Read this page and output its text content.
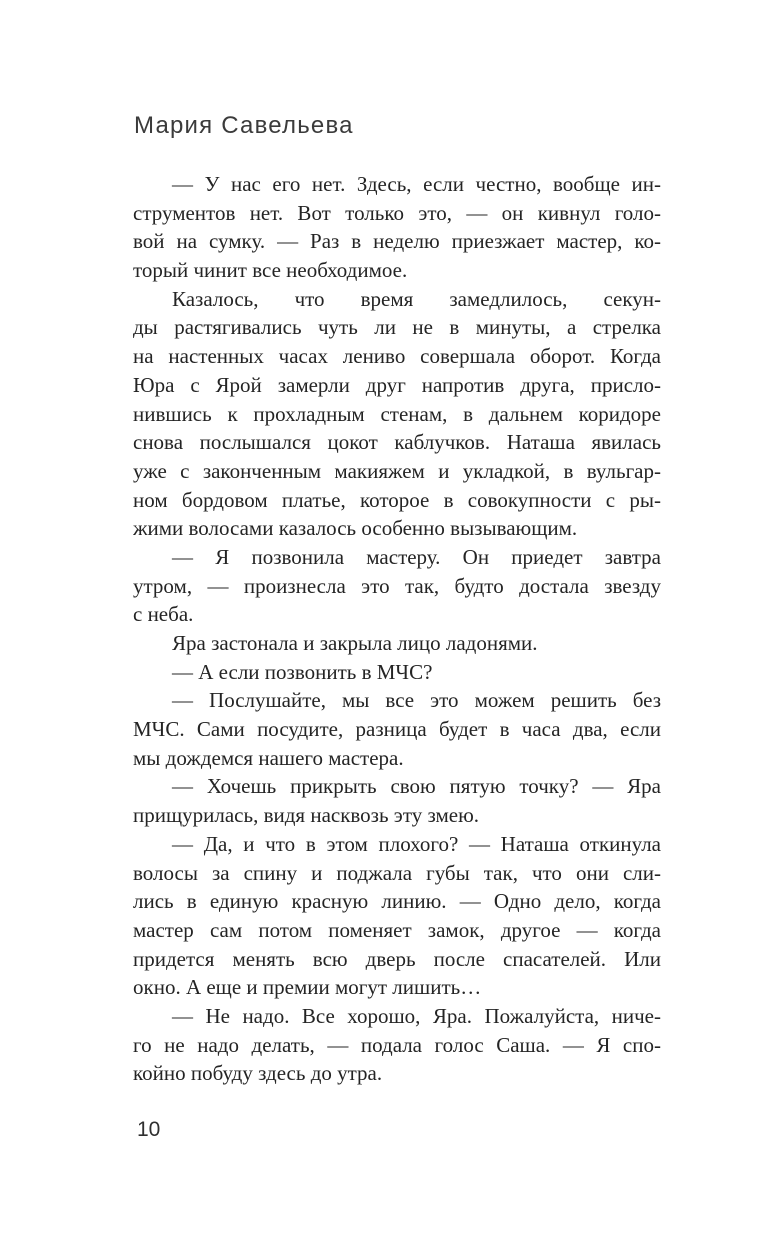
Мария Савельева
— У нас его нет. Здесь, если честно, вообще ин-
струментов нет. Вот только это, — он кивнул голо-
вой на сумку. — Раз в неделю приезжает мастер, ко-
торый чинит все необходимое.
Казалось, что время замедлилось, секун-
ды растягивались чуть ли не в минуты, а стрелка
на настенных часах лениво совершала оборот. Когда
Юра с Ярой замерли друг напротив друга, присло-
нившись к прохладным стенам, в дальнем коридоре
снова послышался цокот каблучков. Наташа явилась
уже с законченным макияжем и укладкой, в вульгар-
ном бордовом платье, которое в совокупности с ры-
жими волосами казалось особенно вызывающим.
— Я позвонила мастеру. Он приедет завтра
утром, — произнесла это так, будто достала звезду
с неба.
Яра застонала и закрыла лицо ладонями.
— А если позвонить в МЧС?
— Послушайте, мы все это можем решить без
МЧС. Сами посудите, разница будет в часа два, если
мы дождемся нашего мастера.
— Хочешь прикрыть свою пятую точку? — Яра
прищурилась, видя насквозь эту змею.
— Да, и что в этом плохого? — Наташа откинула
волосы за спину и поджала губы так, что они сли-
лись в единую красную линию. — Одно дело, когда
мастер сам потом поменяет замок, другое — когда
придется менять всю дверь после спасателей. Или
окно. А еще и премии могут лишить…
— Не надо. Все хорошо, Яра. Пожалуйста, ниче-
го не надо делать, — подала голос Саша. — Я спо-
койно побуду здесь до утра.
10
